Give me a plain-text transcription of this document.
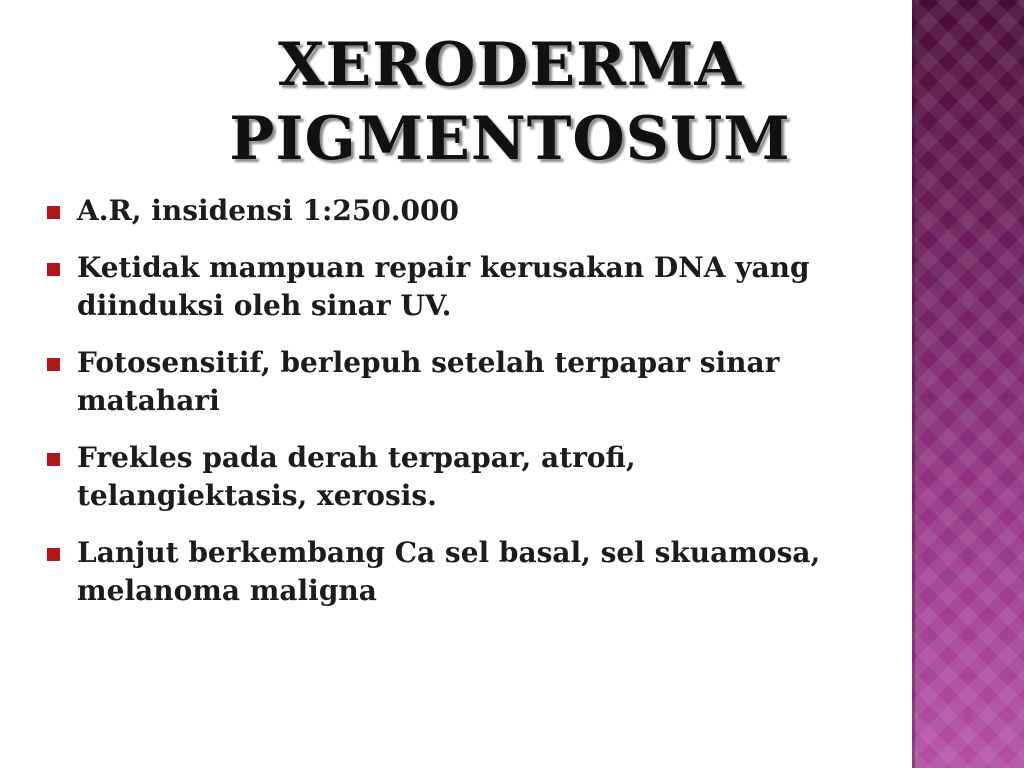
XERODERMA
PIGMENTOSUM
A.R, insidensi 1:250.000
Ketidak mampuan repair kerusakan DNA yang
diinduksi oleh sinar UV.
Fotosensitif, berlepuh setelah terpapar sinar
matahari
Frekles pada derah terpapar, atrofi,
telangiektasis, xerosis.
Lanjut berkembang Ca sel basal, sel skuamosa,
melanoma maligna
